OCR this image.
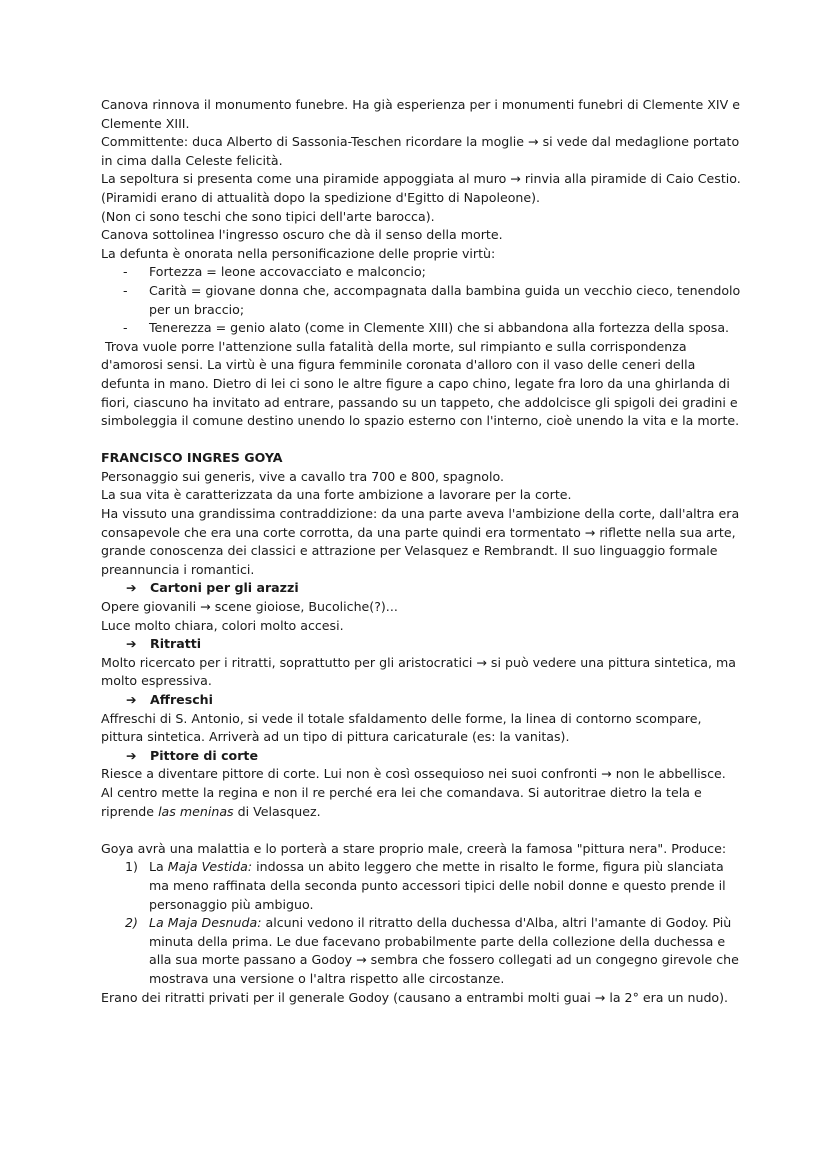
Canova rinnova il monumento funebre. Ha già esperienza per i monumenti funebri di Clemente XIV e Clemente XIII.

Committente: duca Alberto di Sassonia-Teschen ricordare la moglie → si vede dal medaglione portato in cima dalla Celeste felicità.

La sepoltura si presenta come una piramide appoggiata al muro → rinvia alla piramide di Caio Cestio.

(Piramidi erano di attualità dopo la spedizione d'Egitto di Napoleone).

(Non ci sono teschi che sono tipici dell'arte barocca).

Canova sottolinea l'ingresso oscuro che dà il senso della morte.

La defunta è onorata nella personificazione delle proprie virtù:

- Fortezza = leone accovacciato e malconcio;
- Carità = giovane donna che, accompagnata dalla bambina guida un vecchio cieco, tenendolo per un braccio;
- Tenerezza = genio alato (come in Clemente XIII) che si abbandona alla fortezza della sposa.

Trova vuole porre l'attenzione sulla fatalità della morte, sul rimpianto e sulla corrispondenza d'amorosi sensi. La virtù è una figura femminile coronata d'alloro con il vaso delle ceneri della defunta in mano. Dietro di lei ci sono le altre figure a capo chino, legate fra loro da una ghirlanda di fiori, ciascuno ha invitato ad entrare, passando su un tappeto, che addolcisce gli spigoli dei gradini e simboleggia il comune destino unendo lo spazio esterno con l'interno, cioè unendo la vita e la morte.

FRANCISCO INGRES GOYA

Personaggio sui generis, vive a cavallo tra 700 e 800, spagnolo.

La sua vita è caratterizzata da una forte ambizione a lavorare per la corte.

Ha vissuto una grandissima contraddizione: da una parte aveva l'ambizione della corte, dall'altra era consapevole che era una corte corrotta, da una parte quindi era tormentato → riflette nella sua arte, grande conoscenza dei classici e attrazione per Velasquez e Rembrandt. Il suo linguaggio formale preannuncia i romantici.

➔ Cartoni per gli arazzi

Opere giovanili → scene gioiose, Bucoliche(?)...

Luce molto chiara, colori molto accesi.

➔ Ritratti

Molto ricercato per i ritratti, soprattutto per gli aristocratici → si può vedere una pittura sintetica, ma molto espressiva.

➔ Affreschi

Affreschi di S. Antonio, si vede il totale sfaldamento delle forme, la linea di contorno scompare, pittura sintetica. Arriverà ad un tipo di pittura caricaturale (es: la vanitas).

➔ Pittore di corte

Riesce a diventare pittore di corte. Lui non è così ossequioso nei suoi confronti → non le abbellisce. Al centro mette la regina e non il re perché era lei che comandava. Si autoritrae dietro la tela e riprende las meninas di Velasquez.

Goya avrà una malattia e lo porterà a stare proprio male, creerà la famosa "pittura nera". Produce:

1) La Maja Vestida: indossa un abito leggero che mette in risalto le forme, figura più slanciata ma meno raffinata della seconda punto accessori tipici delle nobil donne e questo prende il personaggio più ambiguo.
2) La Maja Desnuda: alcuni vedono il ritratto della duchessa d'Alba, altri l'amante di Godoy. Più minuta della prima. Le due facevano probabilmente parte della collezione della duchessa e alla sua morte passano a Godoy → sembra che fossero collegati ad un congegno girevole che mostrava una versione o l'altra rispetto alle circostanze.

Erano dei ritratti privati per il generale Godoy (causano a entrambi molti guai → la 2° era un nudo).
